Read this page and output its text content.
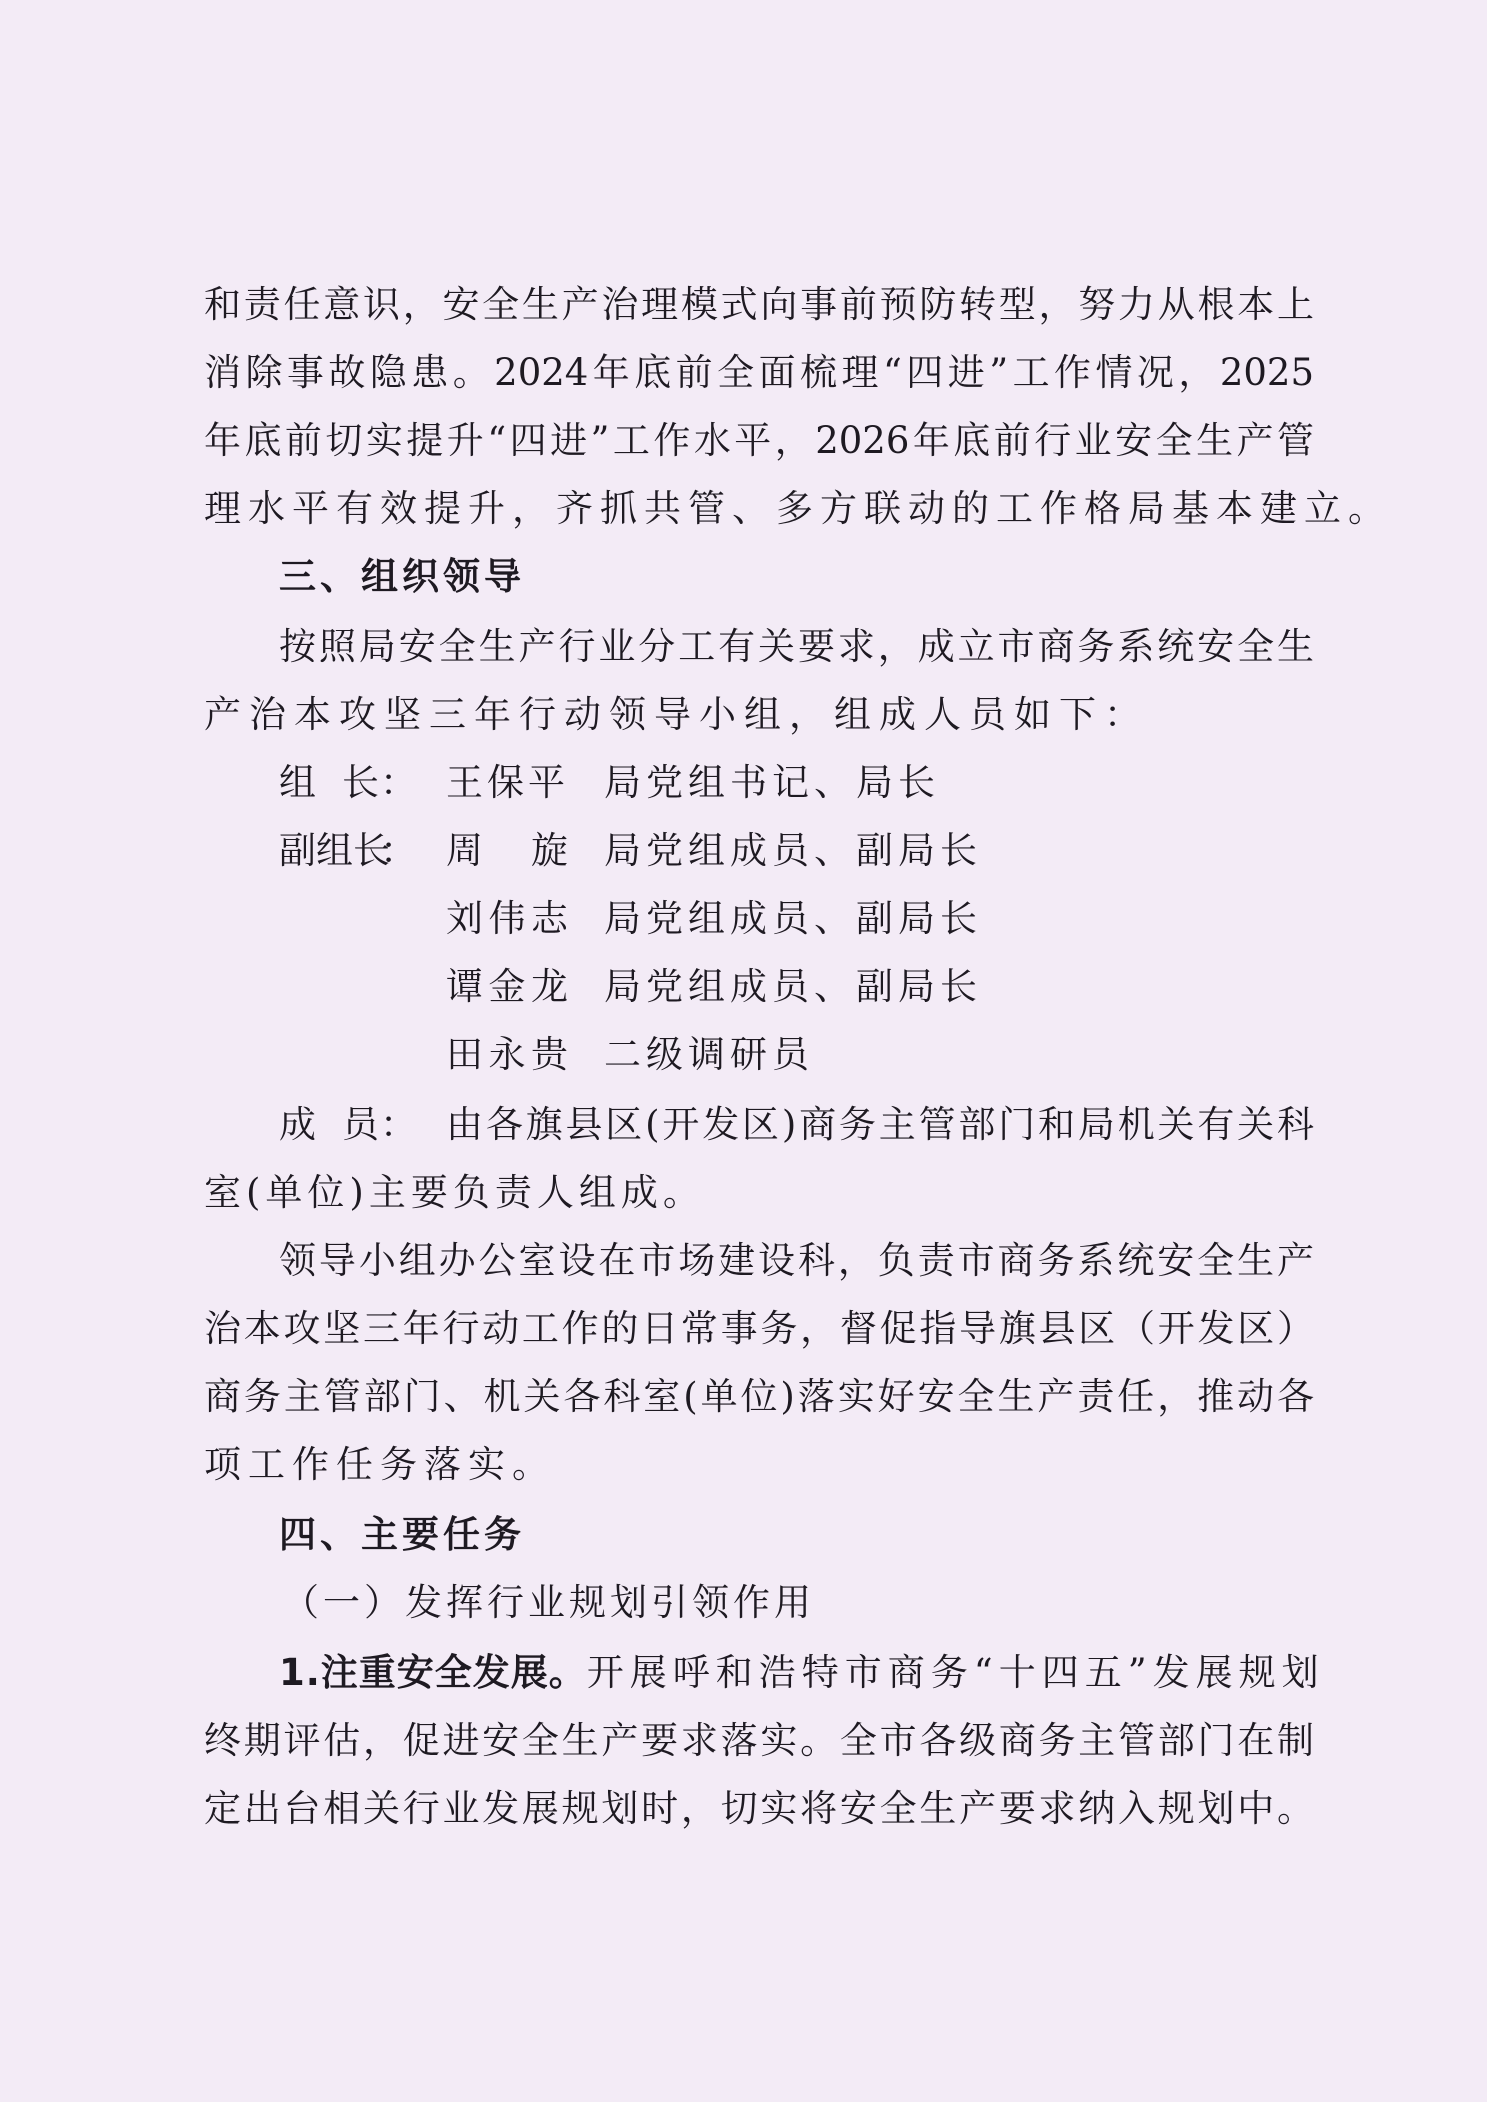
和责任意识，安全生产治理模式向事前预防转型，努力从根本上
消除事故隐患。2024年底前全面梳理“四进”工作情况，2025
年底前切实提升“四进”工作水平，2026年底前行业安全生产管
理水平有效提升，齐抓共管、多方联动的工作格局基本建立。
三、组织领导
按照局安全生产行业分工有关要求，成立市商务系统安全生
产治本攻坚三年行动领导小组，组成人员如下：
组长 ： 王保平 局党组书记、局长
副组长
： 周旋 局党组成员、副局长
刘伟志 局党组成员、副局长
谭金龙 局党组成员、副局长
田永贵 二级调研员
成员 ： 由各旗县区(开发区)商务主管部门和局机关有关科
室(单位)主要负责人组成。
领导小组办公室设在市场建设科，负责市商务系统安全生产
治本攻坚三年行动工作的日常事务，督促指导旗县区（开发区）
商务主管部门、机关各科室(单位)落实好安全生产责任，推动各
项工作任务落实。
四、主要任务
（一）发挥行业规划引领作用
1.注重安全发展。开展呼和浩特市商务“十四五”发展规划
终期评估，促进安全生产要求落实。全市各级商务主管部门在制
定出台相关行业发展规划时，切实将安全生产要求纳入规划中。
